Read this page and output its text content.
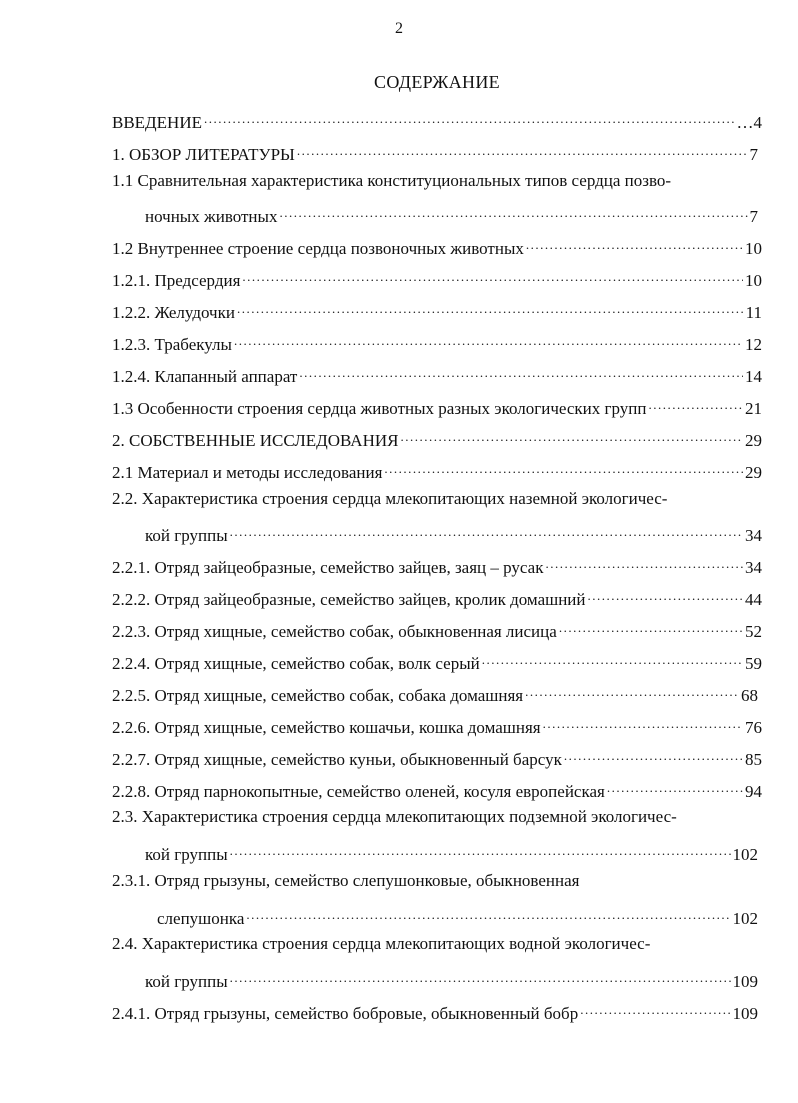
2
СОДЕРЖАНИЕ
ВВЕДЕНИЕ .....	…4
1. ОБЗОР ЛИТЕРАТУРЫ .....	7
1.1 Сравнительная характеристика конституциональных типов сердца позво-
ночных животных .....	7
1.2 Внутреннее строение сердца позвоночных животных .....	10
1.2.1. Предсердия .....	10
1.2.2. Желудочки .....	11
1.2.3. Трабекулы .....	12
1.2.4. Клапанный аппарат .....	14
1.3 Особенности строения сердца животных разных экологических групп .....	21
2. СОБСТВЕННЫЕ ИССЛЕДОВАНИЯ .....	29
2.1 Материал и методы исследования .....	29
2.2. Характеристика строения сердца млекопитающих наземной экологичес-
кой группы .....	34
2.2.1. Отряд зайцеобразные, семейство зайцев, заяц – русак .....	34
2.2.2. Отряд зайцеобразные, семейство зайцев, кролик домашний .....	44
2.2.3. Отряд хищные, семейство собак, обыкновенная лисица .....	52
2.2.4. Отряд хищные, семейство собак, волк серый .....	59
2.2.5. Отряд хищные, семейство собак, собака домашняя .....	68
2.2.6. Отряд хищные, семейство кошачьи, кошка домашняя .....	76
2.2.7. Отряд хищные, семейство куньи, обыкновенный барсук .....	85
2.2.8. Отряд парнокопытные, семейство оленей, косуля европейская .....	94
2.3. Характеристика строения сердца млекопитающих подземной экологичес-
кой группы .....	102
2.3.1. Отряд грызуны, семейство слепушонковые, обыкновенная
слепушонка .....	102
2.4. Характеристика строения сердца млекопитающих водной экологичес-
кой группы .....	109
2.4.1. Отряд грызуны, семейство бобровые, обыкновенный бобр .....	109
